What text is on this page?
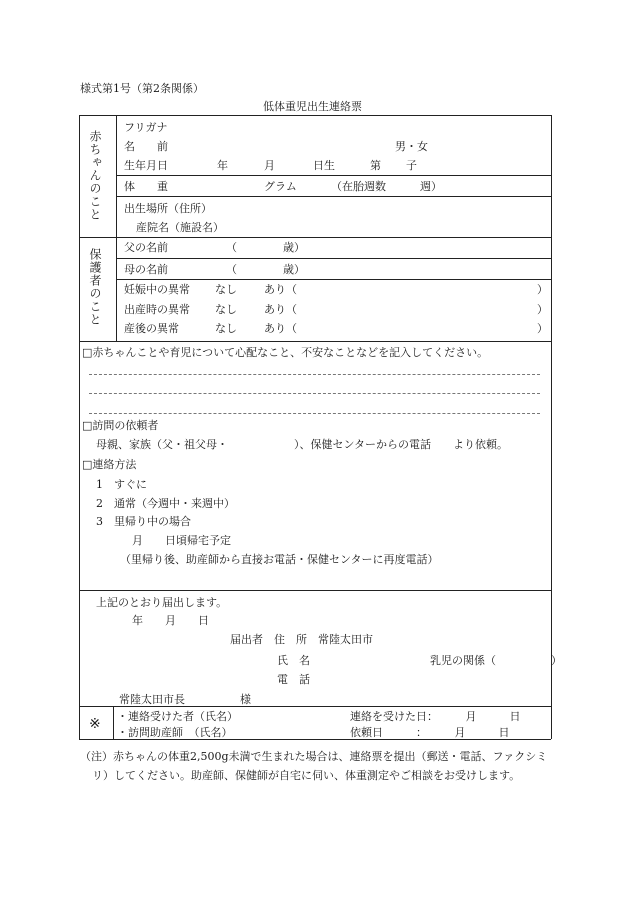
様式第1号（第2条関係）
低体重児出生連絡票
赤ちゃんのこと
保護者のこと
フリガナ
名　　前	男・女
生年月日	年	月	日生	第 子
体　　重	グラム	（在胎週数	週）
出生場所（住所）
産院名（施設名）
父の名前	（	歳）
母の名前	（	歳）
妊娠中の異常 なし あり（	）
出産時の異常 なし あり（	）
産後の異常	なし あり（	）
□ 赤ちゃんことや育児について心配なこと、不安なことなどを記入してください。
□ 訪問の依頼者
母親、家族（父・祖父母・　　　　　　）、保健センターからの電話　　より依頼。
□ 連絡方法
1　すぐに
2　通常（今週中・来週中）
3　里帰り中の場合
月　　日頃帰宅予定
（里帰り後、助産師から直接お電話・保健センターに再度電話）
上記のとおり届出します。
年　　月　　日
届出者　住　所　常陸太田市
氏　名	乳児の関係（　　　　　）
電　話
常陸太田市長　　　　　様
※ ・連絡受けた者（氏名）	連絡を受けた日：　　　月　　　日
・訪問助産師　（氏名）	依頼日　　　：　　　月　　　日
（注）赤ちゃんの体重2,500g未満で生まれた場合は、連絡票を提出（郵送・電話、ファクシミ
リ）してください。助産師、保健師が自宅に伺い、体重測定やご相談をお受けします。
